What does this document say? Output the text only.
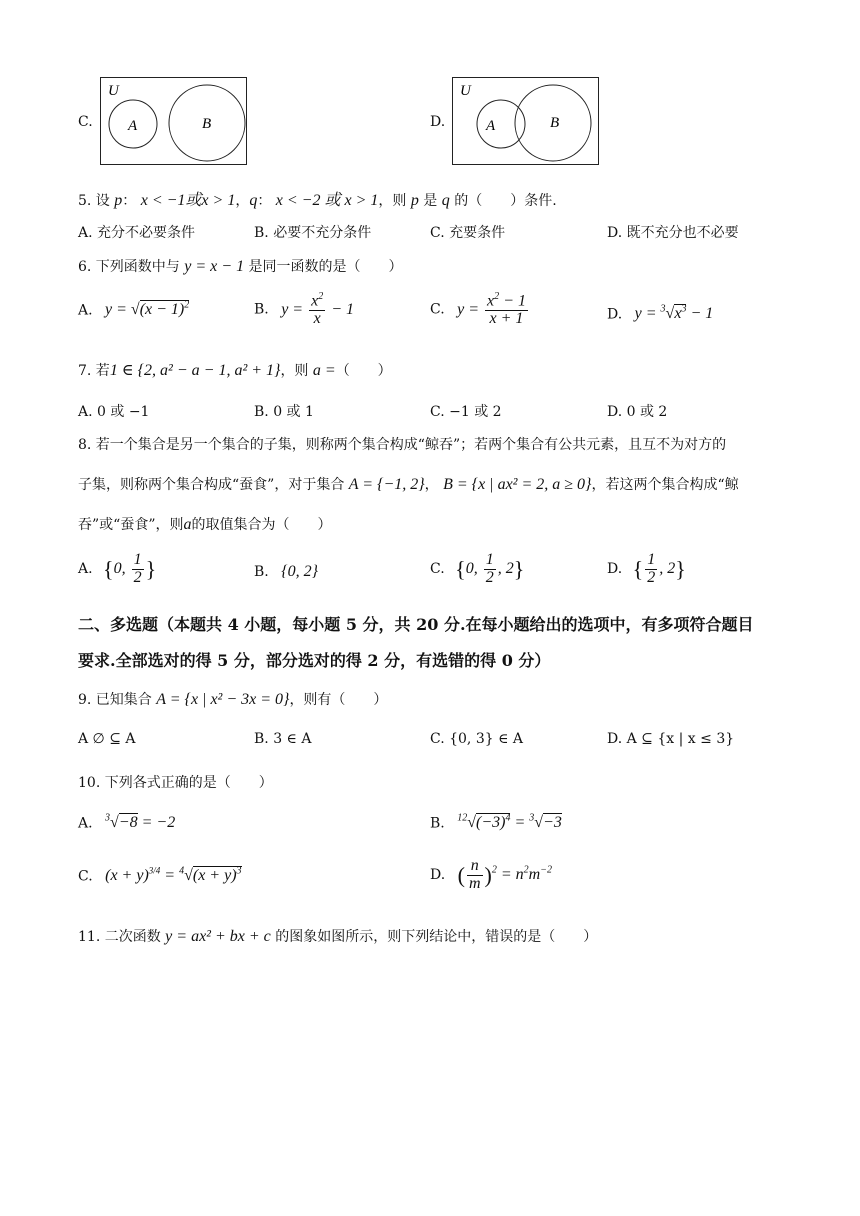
C.
U
A	B	D.
U
A	B
5. 设 p： x < −1或x > 1，q： x < −2 或 x > 1，则 p 是 q 的（　　）条件.
A. 充分不必要条件	B. 必要不充分条件	C. 充要条件	D. 既不充分也不必要
6. 下列函数中与 y = x − 1 是同一函数的是（　　）
A. $y = √(x - 1)^2$	B. $y = \frac{x^2}{x} - 1$	C. $y = \frac{x^2 - 1}{x + 1}$	D. $y = ^3√x^3 - 1$
7. 若1 ∈ {2, a² − a − 1, a² + 1}，则 a =（　　）
A. 0 或 −1	B. 0 或 1	C. −1 或 2	D. 0 或 2
8. 若一个集合是另一个集合的子集，则称两个集合构成“鲸吞”；若两个集合有公共元素，且互不为对方的
子集，则称两个集合构成“蚕食”，对于集合 A = {−1, 2}， B = {x | ax² = 2, a ≥ 0}，若这两个集合构成“鲸
吞”或“蚕食”，则a的取值集合为（　　）
A. {0, $\frac{1}{2}$ }	B. {0, 2}	C. {0, $\frac{1}{2}$ , 2}	D. { $\frac{1}{2}$ , 2}
二、多选题（本题共 4 小题，每小题 5 分，共 20 分.在每小题给出的选项中，有多项符合题目
要求.全部选对的得 5 分，部分选对的得 2 分，有选错的得 0 分）
9. 已知集合 A = {x | x² − 3x = 0}，则有（　　）
A ∅ ⊆ A	B. 3 ∈ A	C. {0, 3} ∈ A	D. A ⊆ {x | x ≤ 3}
10. 下列各式正确的是（　　）
A. $^3$√−8 = −2	B. $^{12}√(-3)^4 = ^3√-3$
C. $(x + y)^{3/4} = ^4√(x + y)^3$	D. ( $\frac{n}{m} )^2 = n^2m^{-2}$
11. 二次函数 y = ax² + bx + c 的图象如图所示，则下列结论中，错误的是（　　）
